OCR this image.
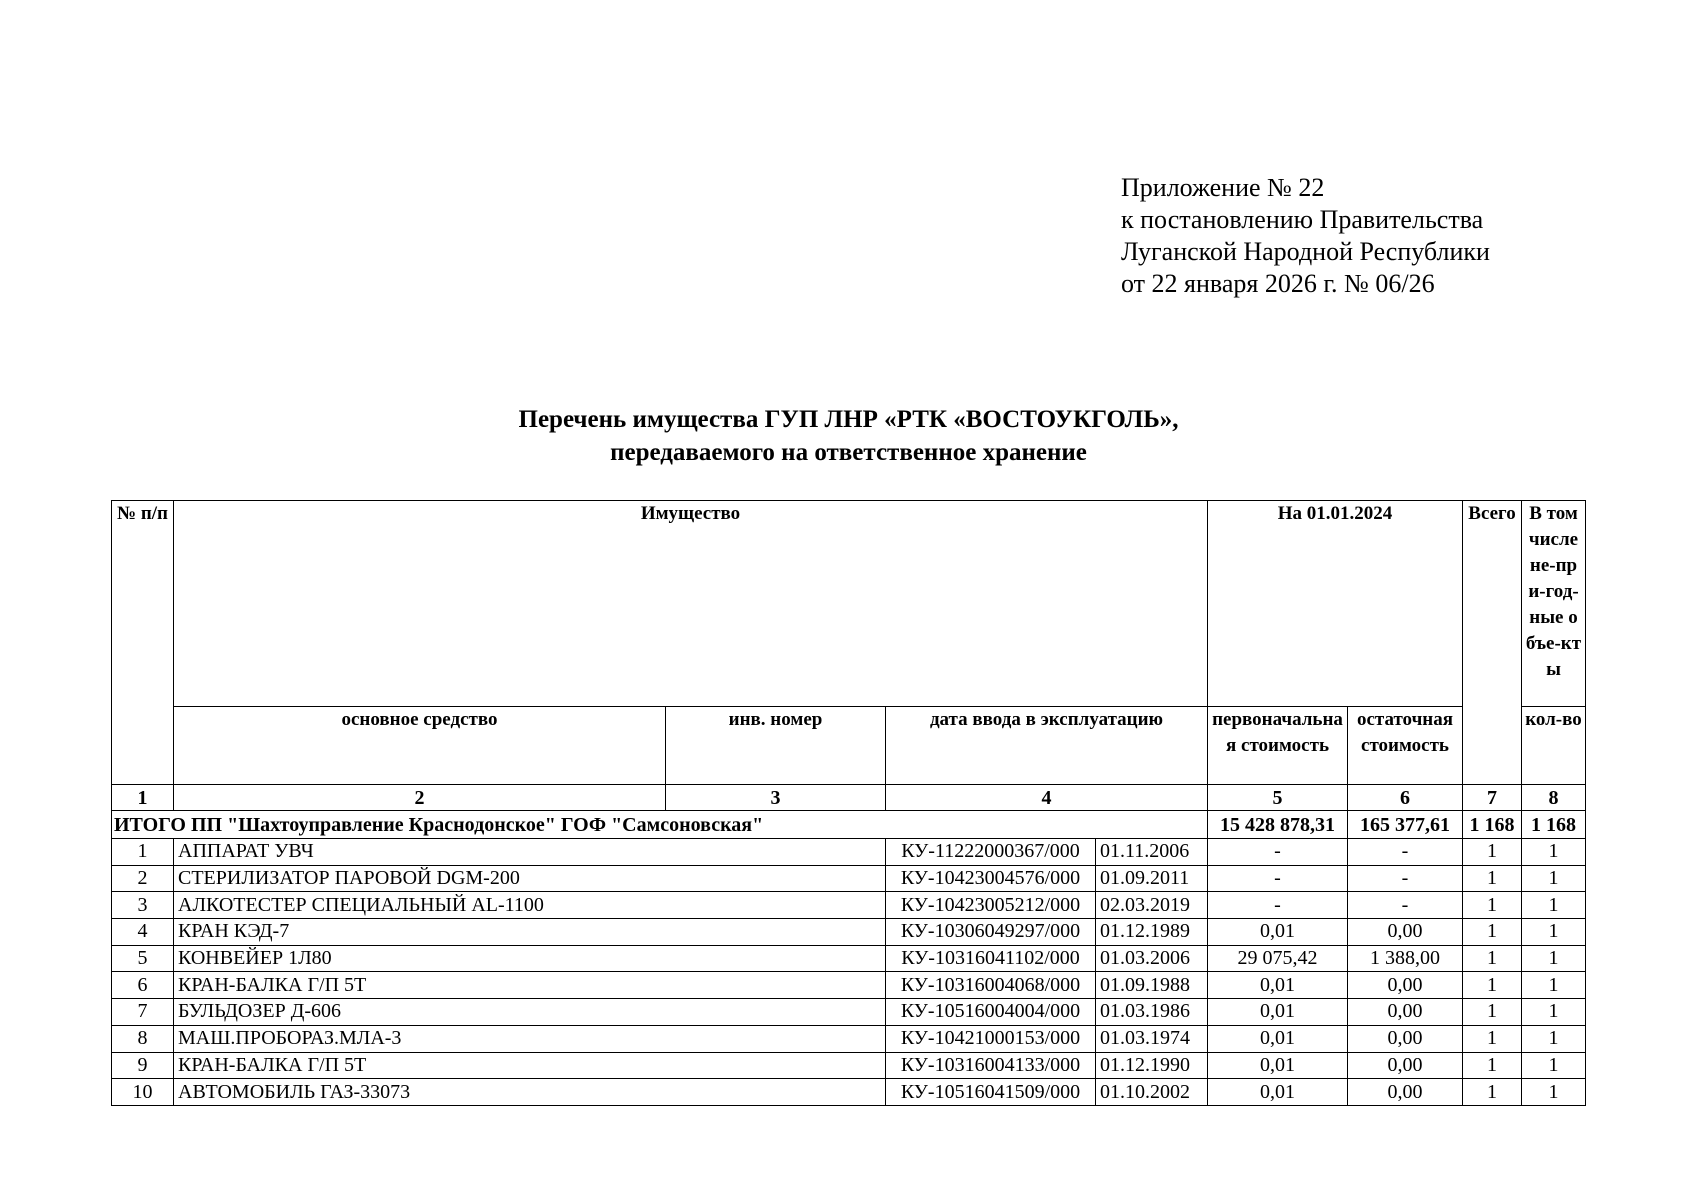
Приложение № 22
к постановлению Правительства
Луганской Народной Республики
от 22 января 2026 г. № 06/26
Перечень имущества ГУП ЛНР «РТК «ВОСТОУКГОЛЬ»,
передаваемого на ответственное хранение
№ п/п	Имущество				На 01.01.2024		Всего	В том числе не-при-год-ные объе-кты
	основное средство	инв. номер	дата ввода в эксплуатацию		первоначальная стоимость	остаточная стоимость		кол-во
1	2	3	4		5	6	7	8
ИТОГО ПП "Шахтоуправление Краснодонское" ГОФ "Самсоновская"					15 428 878,31	165 377,61	1 168	1 168
1	АППАРАТ УВЧ		КУ-11222000367/000	01.11.2006	-	-	1	1
2	СТЕРИЛИЗАТОР ПАРОВОЙ DGM-200		КУ-10423004576/000	01.09.2011	-	-	1	1
3	АЛКОТЕСТЕР СПЕЦИАЛЬНЫЙ AL-1100		КУ-10423005212/000	02.03.2019	-	-	1	1
4	КРАН КЭД-7		КУ-10306049297/000	01.12.1989	0,01	0,00	1	1
5	КОНВЕЙЕР 1Л80		КУ-10316041102/000	01.03.2006	29 075,42	1 388,00	1	1
6	КРАН-БАЛКА Г/П 5Т		КУ-10316004068/000	01.09.1988	0,01	0,00	1	1
7	БУЛЬДОЗЕР Д-606		КУ-10516004004/000	01.03.1986	0,01	0,00	1	1
8	МАШ.ПРОБОРАЗ.МЛА-3		КУ-10421000153/000	01.03.1974	0,01	0,00	1	1
9	КРАН-БАЛКА Г/П 5Т		КУ-10316004133/000	01.12.1990	0,01	0,00	1	1
10	АВТОМОБИЛЬ ГАЗ-33073		КУ-10516041509/000	01.10.2002	0,01	0,00	1	1
